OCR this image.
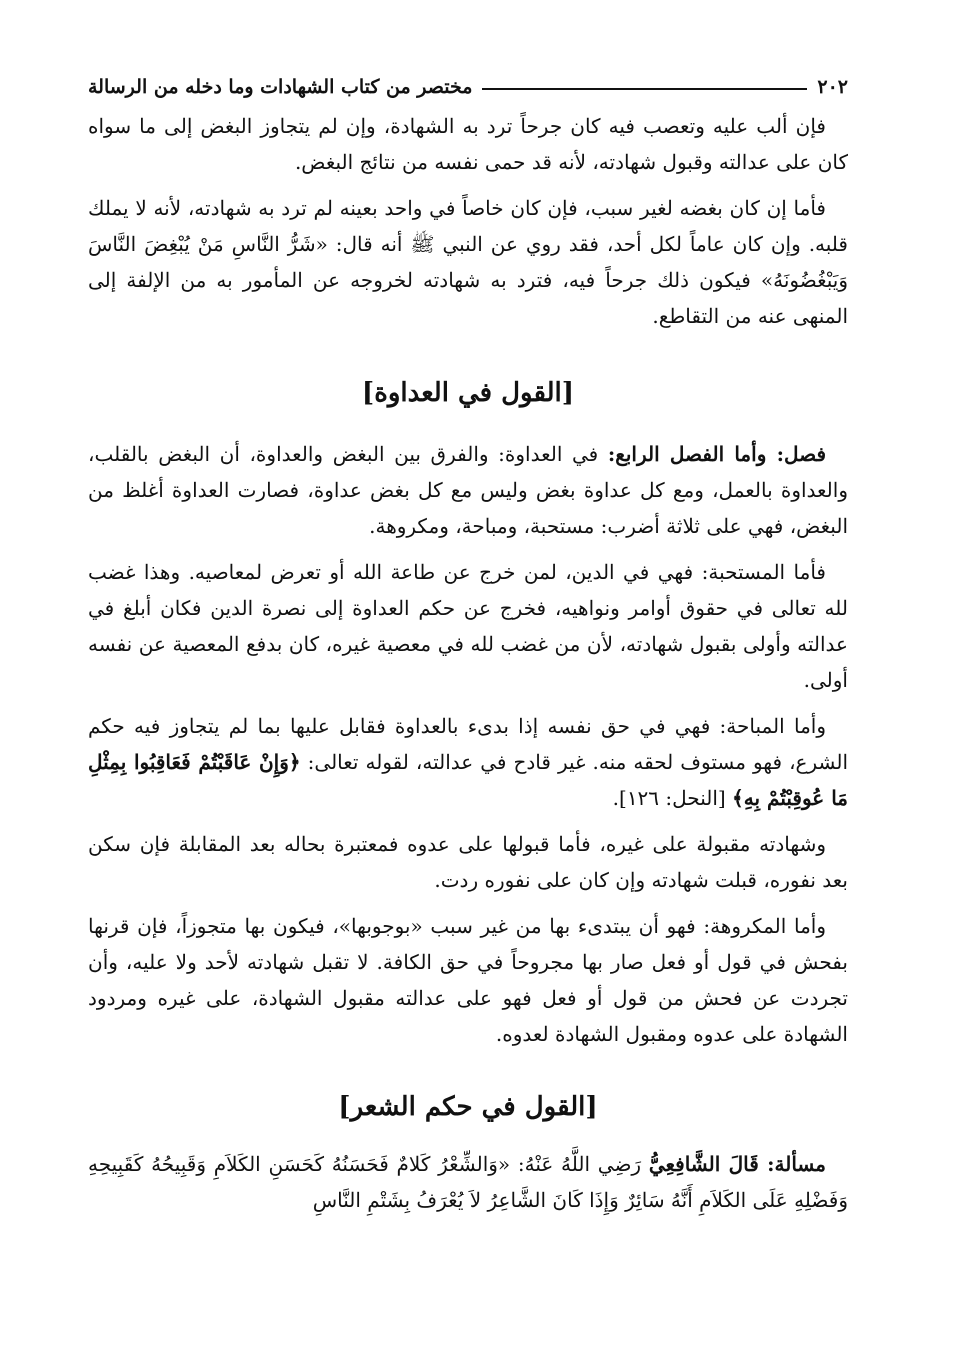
٢٠٢
مختصر من كتاب الشهادات وما دخله من الرسالة

فإن ألب عليه وتعصب فيه كان جرحاً ترد به الشهادة، وإن لم يتجاوز البغض إلى ما سواه كان على عدالته وقبول شهادته، لأنه قد حمى نفسه من نتائج البغض.

فأما إن كان بغضه لغير سبب، فإن كان خاصاً في واحد بعينه لم ترد به شهادته، لأنه لا يملك قلبه. وإن كان عاماً لكل أحد، فقد روي عن النبي ﷺ أنه قال: «شَرُّ النَّاسِ مَنْ يُبْغِضَ النَّاسَ وَيَبْغُضُونَهُ» فيكون ذلك جرحاً فيه، فترد به شهادته لخروجه عن المأمور به من الإلفة إلى المنهى عنه من التقاطع.

[القول في العداوة]

فصل: وأما الفصل الرابع: في العداوة: والفرق بين البغض والعداوة، أن البغض بالقلب، والعداوة بالعمل، ومع كل عداوة بغض وليس مع كل بغض عداوة، فصارت العداوة أغلظ من البغض، فهي على ثلاثة أضرب: مستحبة، ومباحة، ومكروهة.

فأما المستحبة: فهي في الدين، لمن خرج عن طاعة الله أو تعرض لمعاصيه. وهذا غضب لله تعالى في حقوق أوامر ونواهيه، فخرج عن حكم العداوة إلى نصرة الدين فكان أبلغ في عدالته وأولى بقبول شهادته، لأن من غضب لله في معصية غيره، كان بدفع المعصية عن نفسه أولى.

وأما المباحة: فهي في حق نفسه إذا بدىء بالعداوة فقابل عليها بما لم يتجاوز فيه حكم الشرع، فهو مستوف لحقه منه. غير قادح في عدالته، لقوله تعالى: ﴿وَإِنْ عَاقَبْتُمْ فَعَاقِبُوا بِمِثْلِ مَا عُوقِبْتُمْ بِهِ﴾ [النحل: ١٢٦].

وشهادته مقبولة على غيره، فأما قبولها على عدوه فمعتبرة بحاله بعد المقابلة فإن سكن بعد نفوره، قبلت شهادته وإن كان على نفوره ردت.

وأما المكروهة: فهو أن يبتدىء بها من غير سبب «بوجوبها»، فيكون بها متجوزاً، فإن قرنها بفحش في قول أو فعل صار بها مجروحاً في حق الكافة. لا تقبل شهادته لأحد ولا عليه، وأن تجردت عن فحش من قول أو فعل فهو على عدالته مقبول الشهادة، على غيره ومردود الشهادة على عدوه ومقبول الشهادة لعدوه.

[القول في حكم الشعر]

مسألة: قَالَ الشَّافِعِيُّ رَضِي اللَّهُ عَنْهُ: «وَالشِّعْرُ كَلامٌ فَحَسَنُهُ كَحَسَنِ الكَلاَمِ وَقَبِيحُهُ كَقَبِيحِهِ وَفَضْلِهِ عَلَى الكَلاَمِ أَنَّهُ سَائِرٌ وَإِذَا كَانَ الشَّاعِرُ لاَ يُعْرَفُ بِشَتْمِ النَّاسِ
